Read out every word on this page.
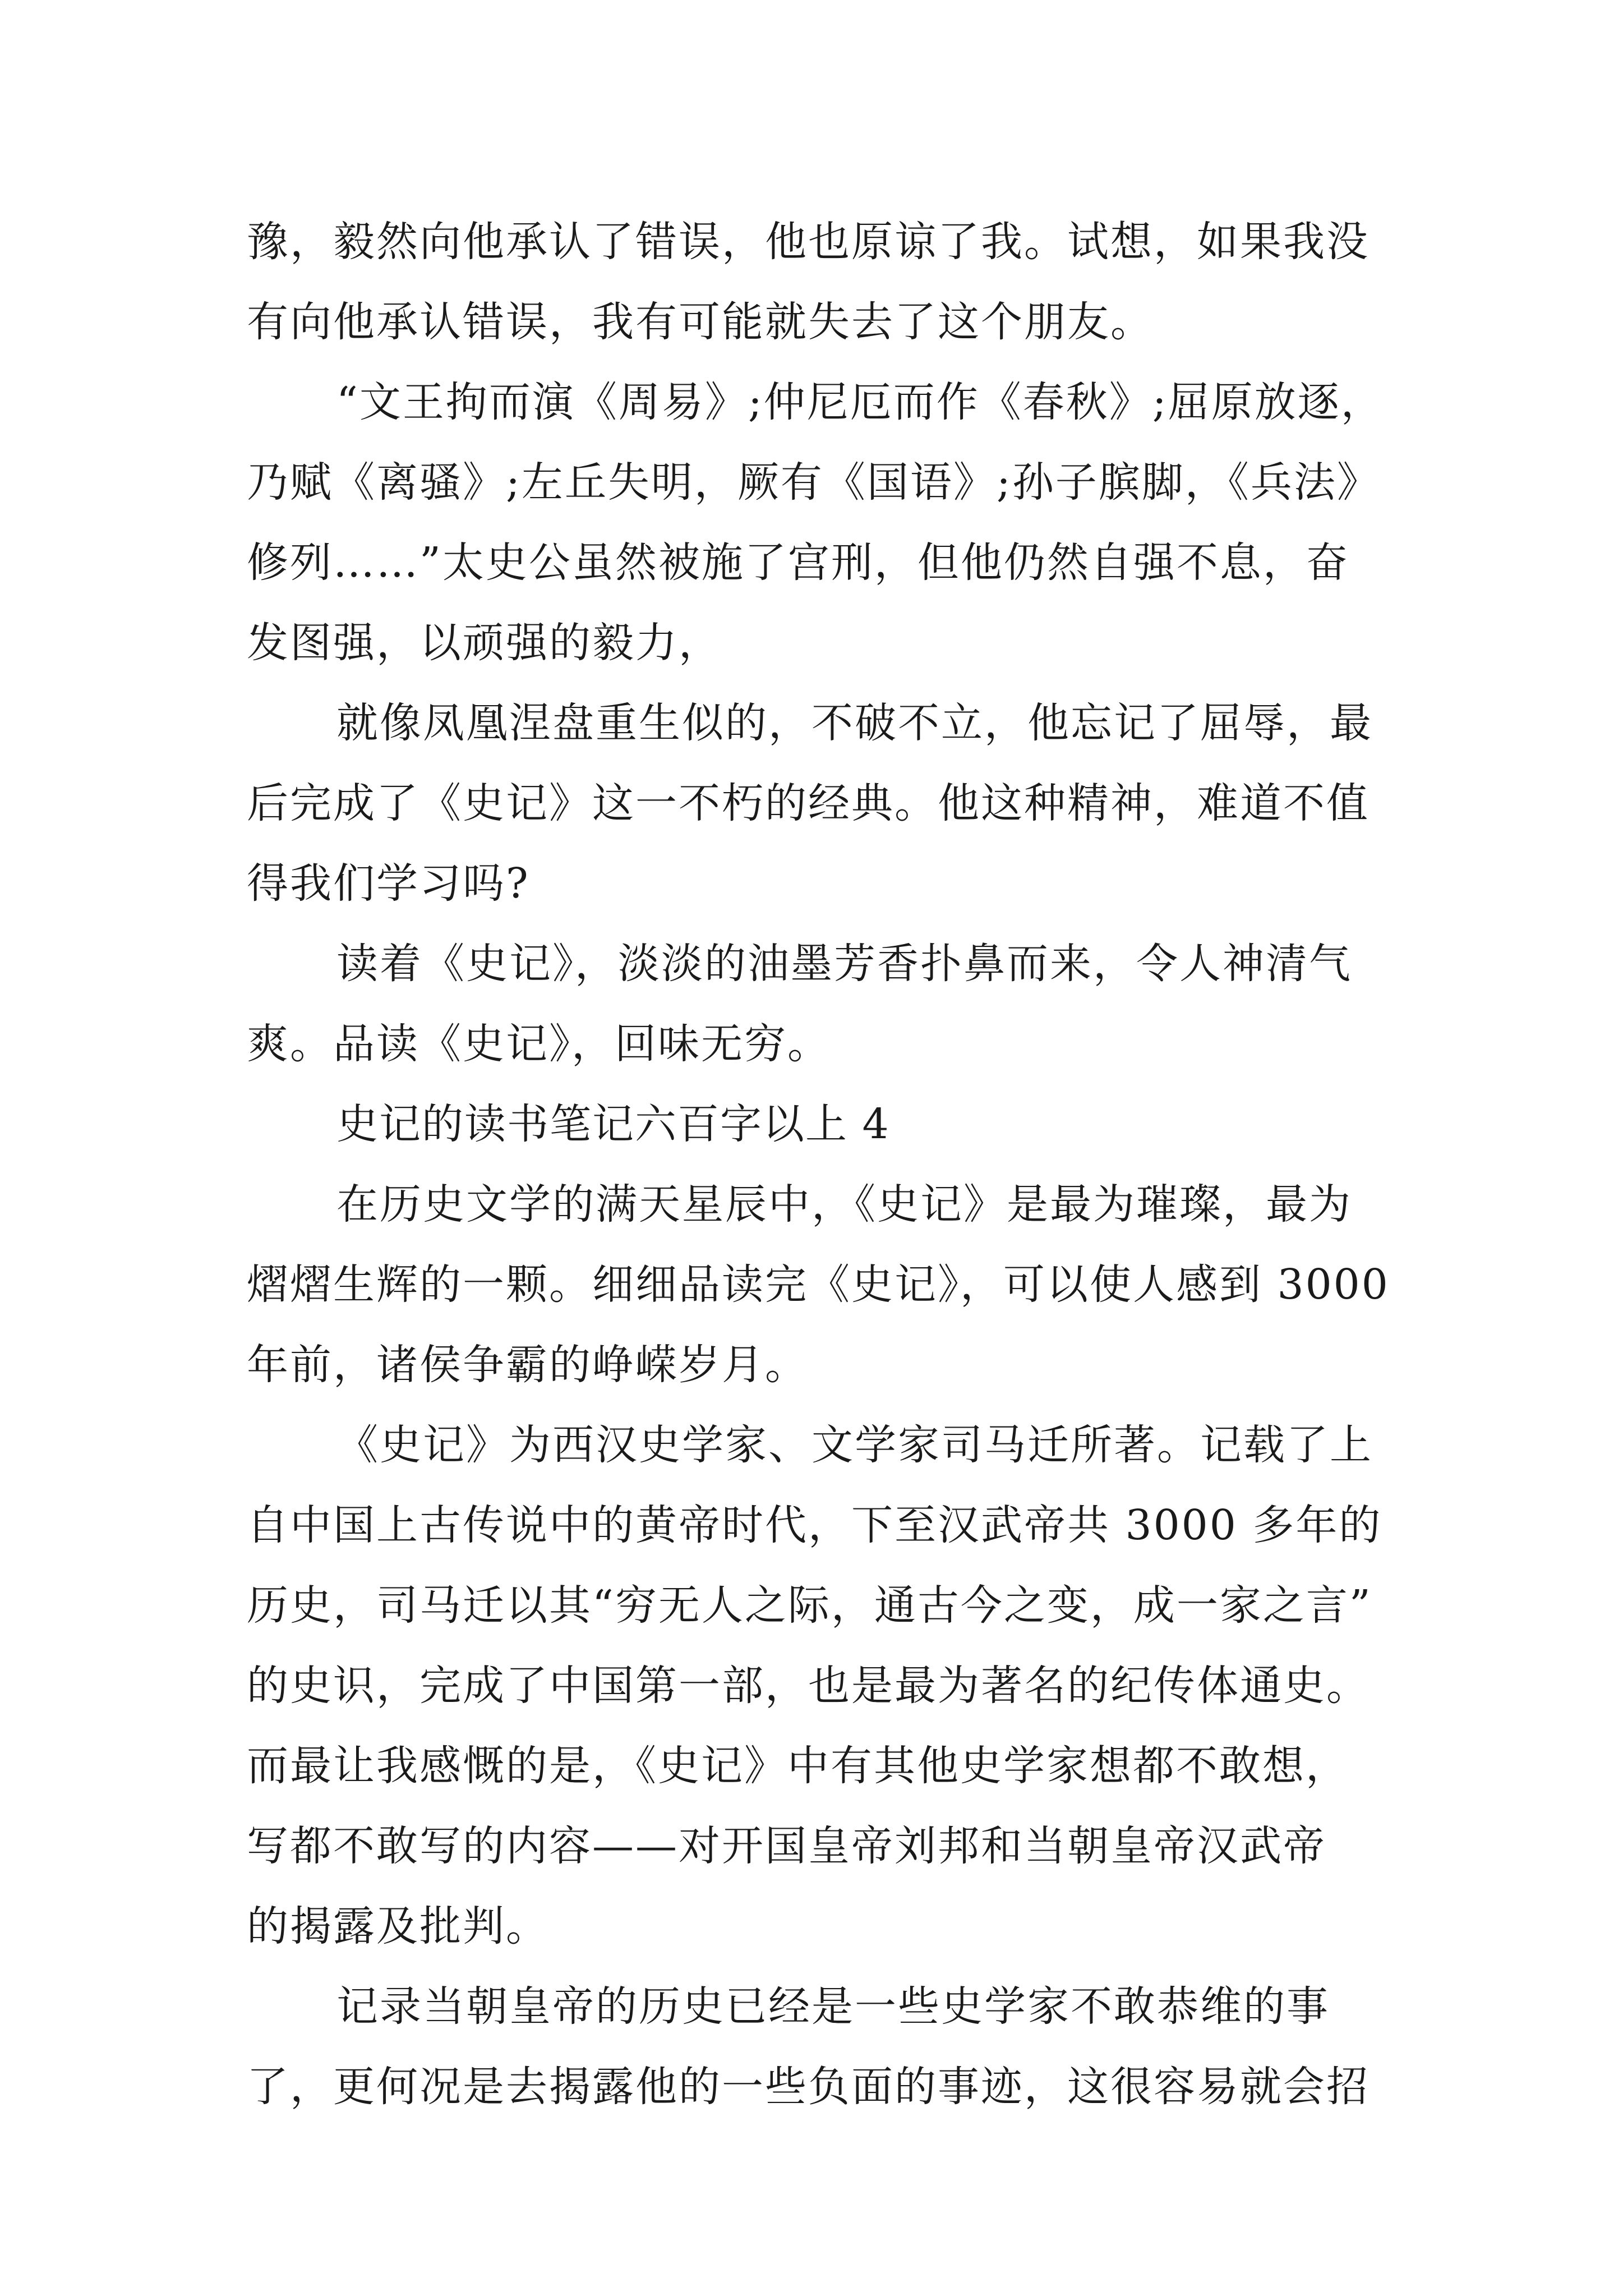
豫，毅然向他承认了错误，他也原谅了我。试想，如果我没
有向他承认错误，我有可能就失去了这个朋友。
“文王拘而演《周易》;仲尼厄而作《春秋》;屈原放逐，
乃赋《离骚》;左丘失明，厥有《国语》;孙子膑脚，《兵法》
修列……”太史公虽然被施了宫刑，但他仍然自强不息，奋
发图强，以顽强的毅力，
就像凤凰涅盘重生似的，不破不立，他忘记了屈辱，最
后完成了《史记》这一不朽的经典。他这种精神，难道不值
得我们学习吗?
读着《史记》，淡淡的油墨芳香扑鼻而来，令人神清气
爽。品读《史记》，回味无穷。
史记的读书笔记六百字以上 4
在历史文学的满天星辰中，《史记》是最为璀璨，最为
熠熠生辉的一颗。细细品读完《史记》，可以使人感到 3000
年前，诸侯争霸的峥嵘岁月。
《史记》为西汉史学家、文学家司马迁所著。记载了上
自中国上古传说中的黄帝时代，下至汉武帝共 3000 多年的
历史，司马迁以其“穷无人之际，通古今之变，成一家之言”
的史识，完成了中国第一部，也是最为著名的纪传体通史。
而最让我感慨的是，《史记》中有其他史学家想都不敢想，
写都不敢写的内容——对开国皇帝刘邦和当朝皇帝汉武帝
的揭露及批判。
记录当朝皇帝的历史已经是一些史学家不敢恭维的事
了，更何况是去揭露他的一些负面的事迹，这很容易就会招
